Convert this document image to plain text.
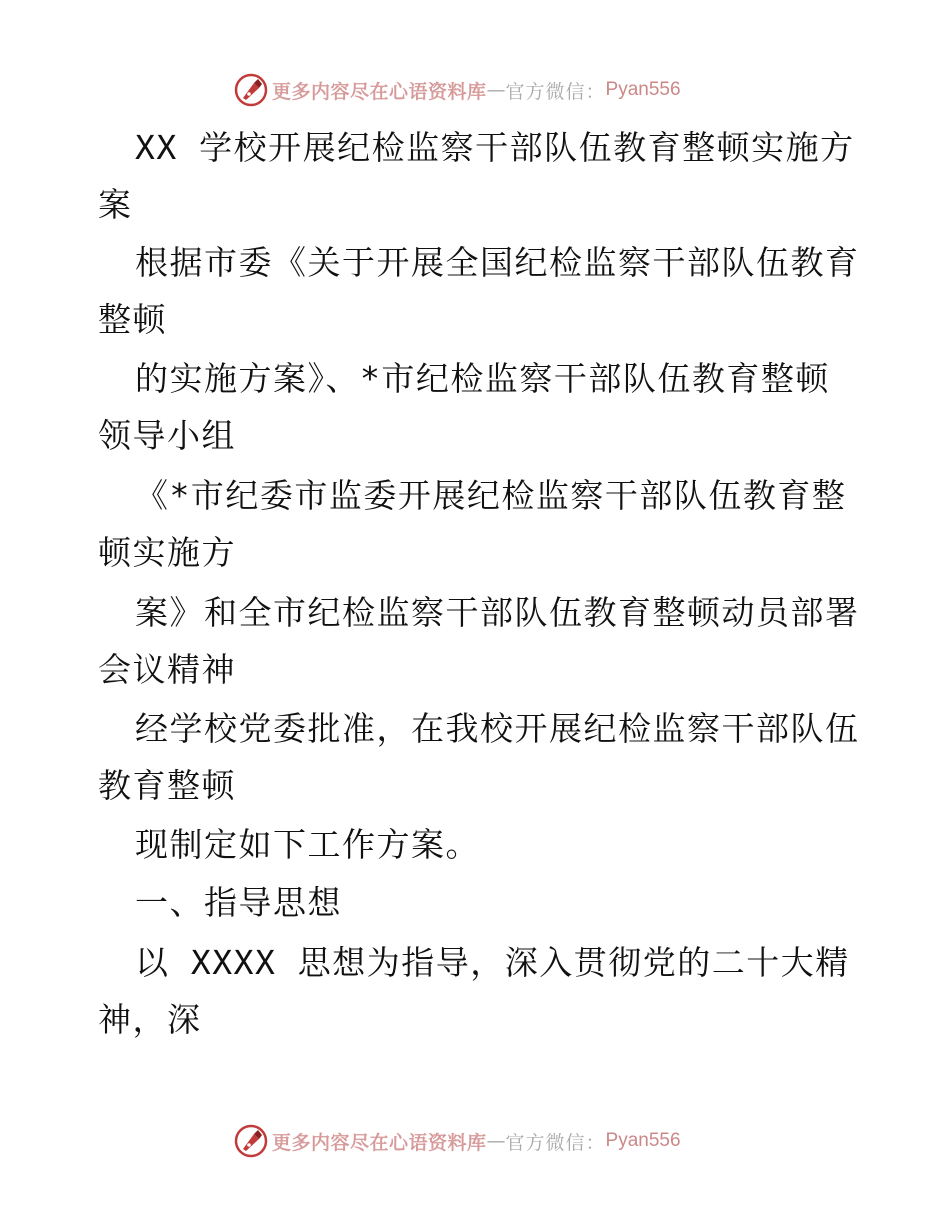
更多内容尽在心语资料库 — 官方微信： Pyan556
XX 学校开展纪检监察干部队伍教育整顿实施方
案
根据市委《关于开展全国纪检监察干部队伍教育
整顿
的实施方案》、*市纪检监察干部队伍教育整顿
领导小组
《*市纪委市监委开展纪检监察干部队伍教育整
顿实施方
案》和全市纪检监察干部队伍教育整顿动员部署
会议精神
经学校党委批准，在我校开展纪检监察干部队伍
教育整顿
现制定如下工作方案。
一、指导思想
以 XXXX 思想为指导，深入贯彻党的二十大精
神，深
更多内容尽在心语资料库 — 官方微信： Pyan556
